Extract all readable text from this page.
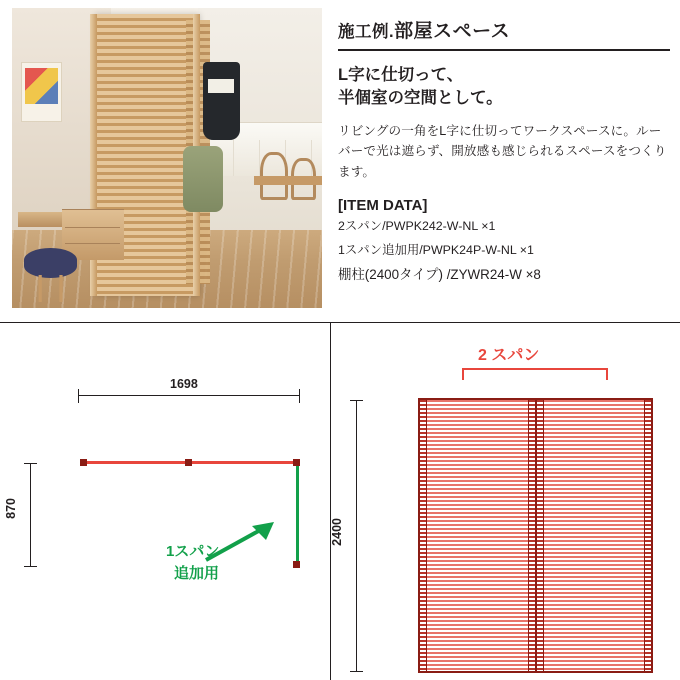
施工例. 部屋スペース
L字に仕切って、
半個室の空間として。
リビングの一角をL字に仕切ってワークスペースに。ルーバーで光は遮らず、開放感も感じられるスペースをつくります。
[ITEM DATA]
2スパン/PWPK242-W-NL ×1
1スパン追加用/PWPK24P-W-NL ×1
棚柱(2400タイプ) /ZYWR24-W ×8
1698
870
1スパン
追加用
2 スパン
2400
